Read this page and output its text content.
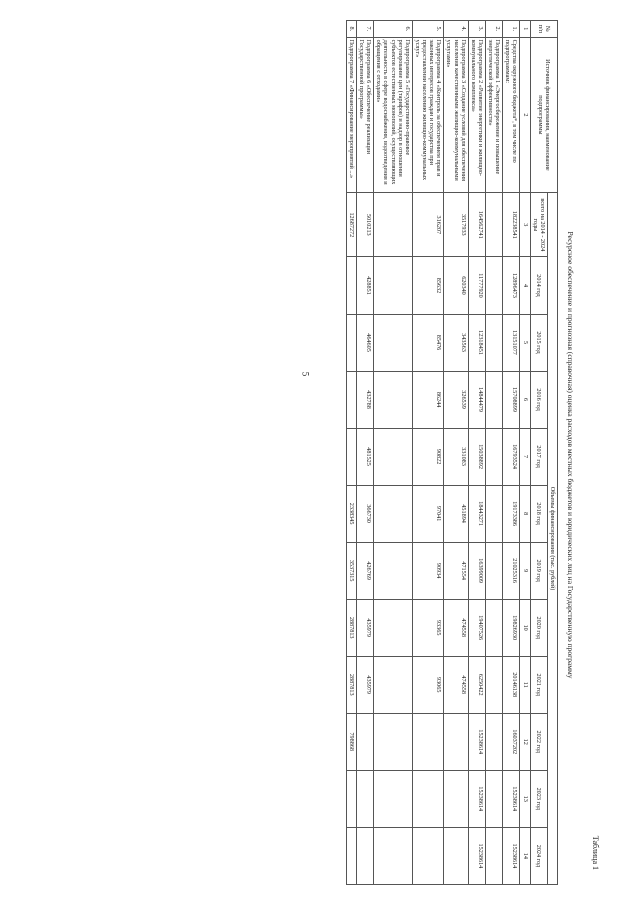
5
Таблица 1
Ресурсное обеспечение и прогнозная (справочная) оценка расходов местных бюджетов и юридических лиц на Государственную программу
№ п/п	Источник финансирования, наименование подпрограммы	Объемы финансирования (тыс. рублей)											
		всего на 2014 - 2024 годы	2014 год	2015 год	2016 год	2017 год	2018 год	2019 год	2020 год	2021 год	2022 год	2023 год	2024 год
1	2	3	4	5	6	7	8	9	10	11	12	13	14
1.	Средства окружного бюджета*, в том числе по подпрограммам:	182238541	12896473	13151077	15708899	16793524	19173386	21025316	19826930	20146138	16037202	15238614	15238614
2.	Подпрограмма 1 «Энергосбережение и повышение энергетической эффективности»												
3.	Подпрограмма 2 «Развитие энергетики и жилищно-коммунального комплекса»	164562741	11777920	12318451	14844479	15038892	18443271	16399009	19407526	6250422	15238614	15238614	15238614
4.	Подпрограмма 3 «Создание условий для обеспечения населения качественными жилищно-коммунальными услугами»	3517933	620340	343563	326539	331083	451894	471554	474558	474558			
5.	Подпрограмма 4 «Контроль за обеспечением прав и законных интересов граждан и государства при предоставлении населению жилищно-коммунальных услуг»	316207	85632	85476	86244	90822	97041	90934	93365	93065			
6.	Подпрограмма 5 «Государственно-правовое регулирование цен (тарифов) и надзор в отношении субъектов естественных монополий, осуществляющих деятельность в сфере водоснабжения, водоотведения и обращения с отходами»												
7.	Подпрограмма 6 «Обеспечение реализации Государственной программы»	5010213	428851	464605	432788	481525	366730	426769	435979	435979			
8.	Подпрограмма 7 «Финансирование мероприятий ...»	12687272					2338345	3537315	2887813	2887813	798868		
